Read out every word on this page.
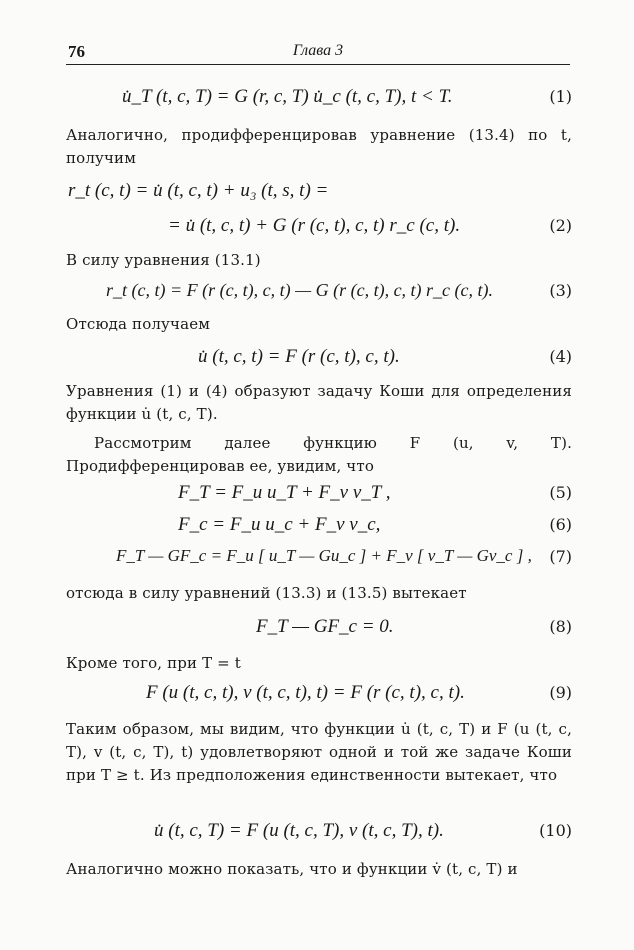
76	Глава 3
u̇_T (t, c, T) = G (r, c, T) u̇_c (t, c, T), t < T.	(1)
Аналогично, продифференцировав уравнение (13.4) по t, получим
r_t (c, t) = u̇ (t, c, t) + u₃ (t, s, t) =
= u̇ (t, c, t) + G (r (c, t), c, t) r_c (c, t).	(2)
В силу уравнения (13.1)
r_t (c, t) = F (r (c, t), c, t) — G (r (c, t), c, t) r_c (c, t).	(3)
Отсюда получаем
u̇ (t, c, t) = F (r (c, t), c, t).	(4)
Уравнения (1) и (4) образуют задачу Коши для определения функции u̇ (t, c, T).
Рассмотрим далее функцию F (u, v, T). Продифференцировав ее, увидим, что
F_T = F_u u_T + F_v v_T ,	(5)
F_c = F_u u_c + F_v v_c,	(6)
F_T — GF_c = F_u [ u_T — Gu_c ] + F_v [ v_T — Gv_c ] , (7)
отсюда в силу уравнений (13.3) и (13.5) вытекает
F_T — GF_c = 0.	(8)
Кроме того, при T = t
F (u (t, c, t), v (t, c, t), t) = F (r (c, t), c, t).	(9)
Таким образом, мы видим, что функции u̇ (t, c, T) и F (u (t, c, T), v (t, c, T), t) удовлетворяют одной и той же задаче Коши при T ≥ t. Из предположения единственности вытекает, что
u̇ (t, c, T) = F (u (t, c, T), v (t, c, T), t).	(10)
Аналогично можно показать, что и функции v̇ (t, c, T) и
